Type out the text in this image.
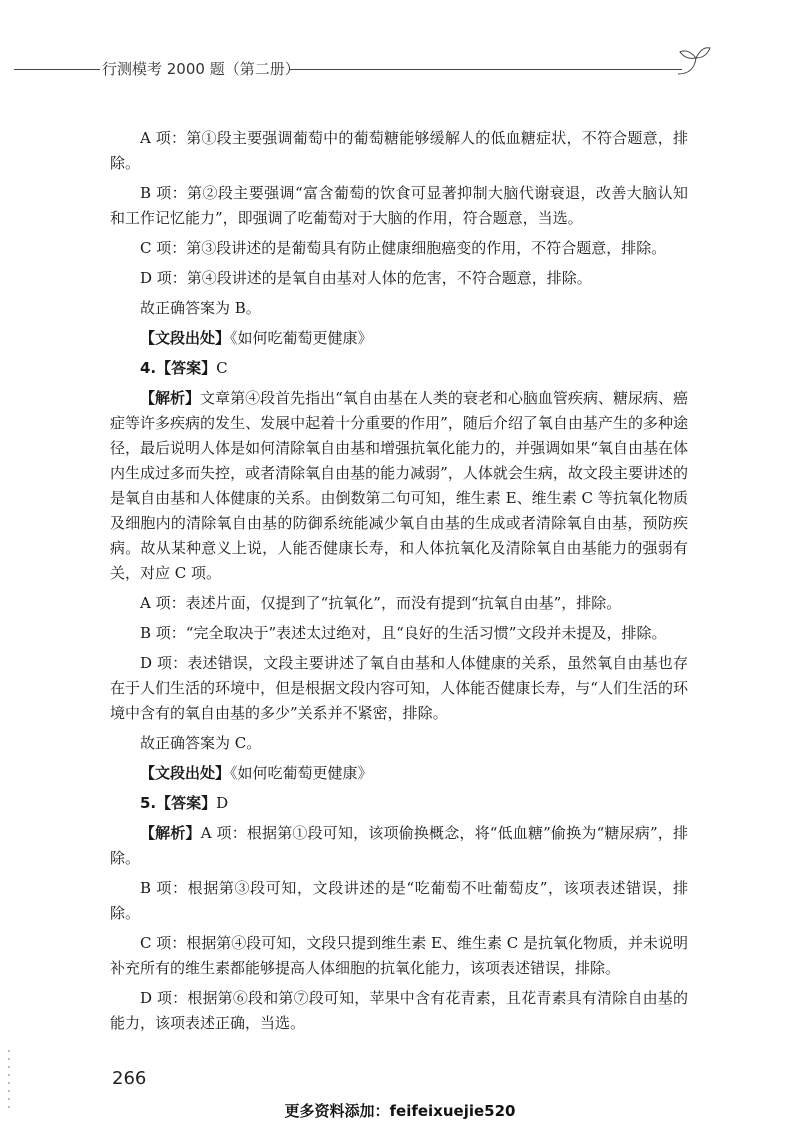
行测模考 2000 题（第二册）

A 项：第①段主要强调葡萄中的葡萄糖能够缓解人的低血糖症状，不符合题意，排除。

B 项：第②段主要强调“富含葡萄的饮食可显著抑制大脑代谢衰退，改善大脑认知和工作记忆能力”，即强调了吃葡萄对于大脑的作用，符合题意，当选。

C 项：第③段讲述的是葡萄具有防止健康细胞癌变的作用，不符合题意，排除。

D 项：第④段讲述的是氧自由基对人体的危害，不符合题意，排除。

故正确答案为 B。

【文段出处】《如何吃葡萄更健康》

4.【答案】C

【解析】文章第④段首先指出“氧自由基在人类的衰老和心脑血管疾病、糖尿病、癌症等许多疾病的发生、发展中起着十分重要的作用”，随后介绍了氧自由基产生的多种途径，最后说明人体是如何清除氧自由基和增强抗氧化能力的，并强调如果“氧自由基在体内生成过多而失控，或者清除氧自由基的能力减弱”，人体就会生病，故文段主要讲述的是氧自由基和人体健康的关系。由倒数第二句可知，维生素 E、维生素 C 等抗氧化物质及细胞内的清除氧自由基的防御系统能减少氧自由基的生成或者清除氧自由基，预防疾病。故从某种意义上说，人能否健康长寿，和人体抗氧化及清除氧自由基能力的强弱有关，对应 C 项。

A 项：表述片面，仅提到了“抗氧化”，而没有提到“抗氧自由基”，排除。

B 项：“完全取决于”表述太过绝对，且“良好的生活习惯”文段并未提及，排除。

D 项：表述错误，文段主要讲述了氧自由基和人体健康的关系，虽然氧自由基也存在于人们生活的环境中，但是根据文段内容可知，人体能否健康长寿，与“人们生活的环境中含有的氧自由基的多少”关系并不紧密，排除。

故正确答案为 C。

【文段出处】《如何吃葡萄更健康》

5.【答案】D

【解析】A 项：根据第①段可知，该项偷换概念，将“低血糖”偷换为“糖尿病”，排除。

B 项：根据第③段可知，文段讲述的是“吃葡萄不吐葡萄皮”，该项表述错误，排除。

C 项：根据第④段可知，文段只提到维生素 E、维生素 C 是抗氧化物质，并未说明补充所有的维生素都能够提高人体细胞的抗氧化能力，该项表述错误，排除。

D 项：根据第⑥段和第⑦段可知，苹果中含有花青素，且花青素具有清除自由基的能力，该项表述正确，当选。

266
更多资料添加：feifeixuejie520
